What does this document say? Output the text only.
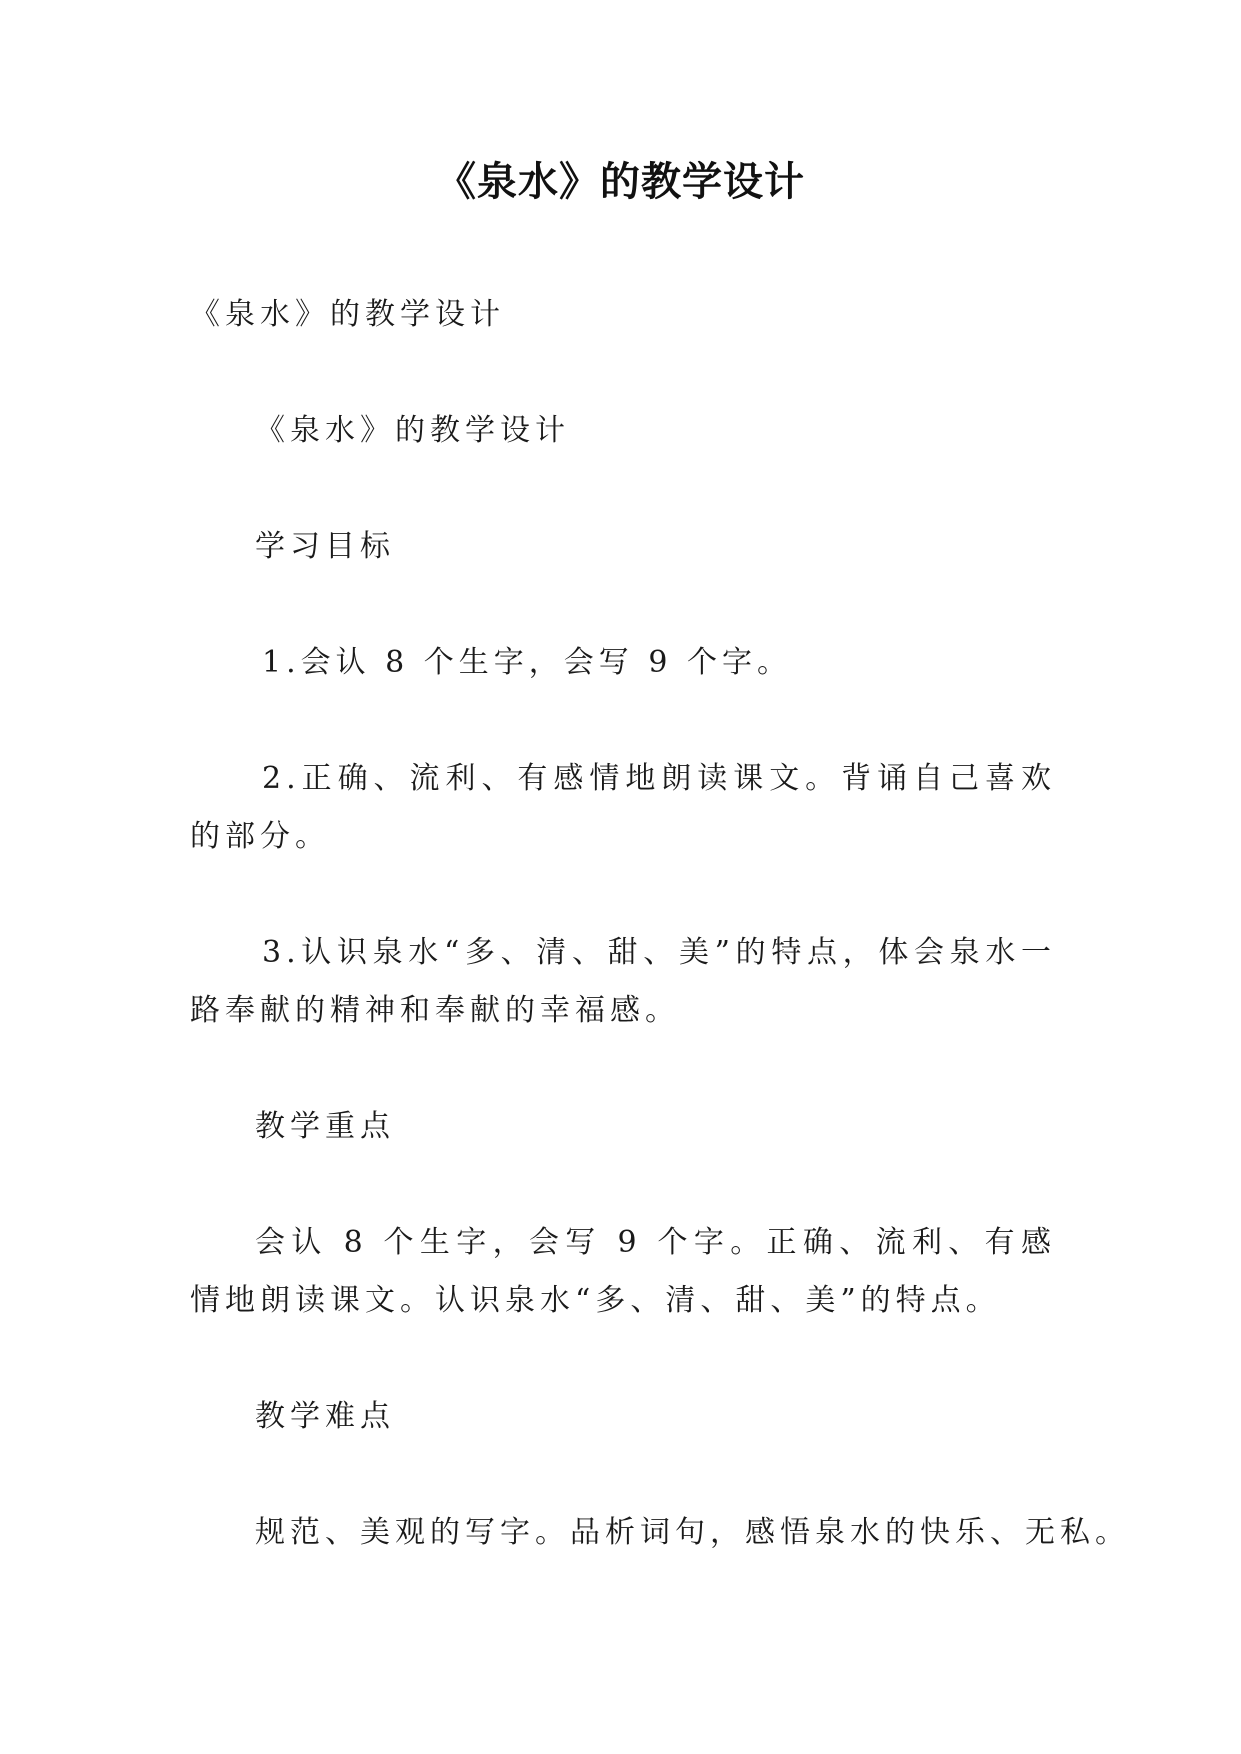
《泉水》的教学设计
《泉水》的教学设计
《泉水》的教学设计
学习目标
1.会认 8 个生字，会写 9 个字。
2.正确、流利、有感情地朗读课文。背诵自己喜欢的部分。
3.认识泉水“多、清、甜、美”的特点，体会泉水一路奉献的精神和奉献的幸福感。
教学重点
会认 8 个生字，会写 9 个字。正确、流利、有感情地朗读课文。认识泉水“多、清、甜、美”的特点。
教学难点
规范、美观的写字。品析词句，感悟泉水的快乐、无私。
